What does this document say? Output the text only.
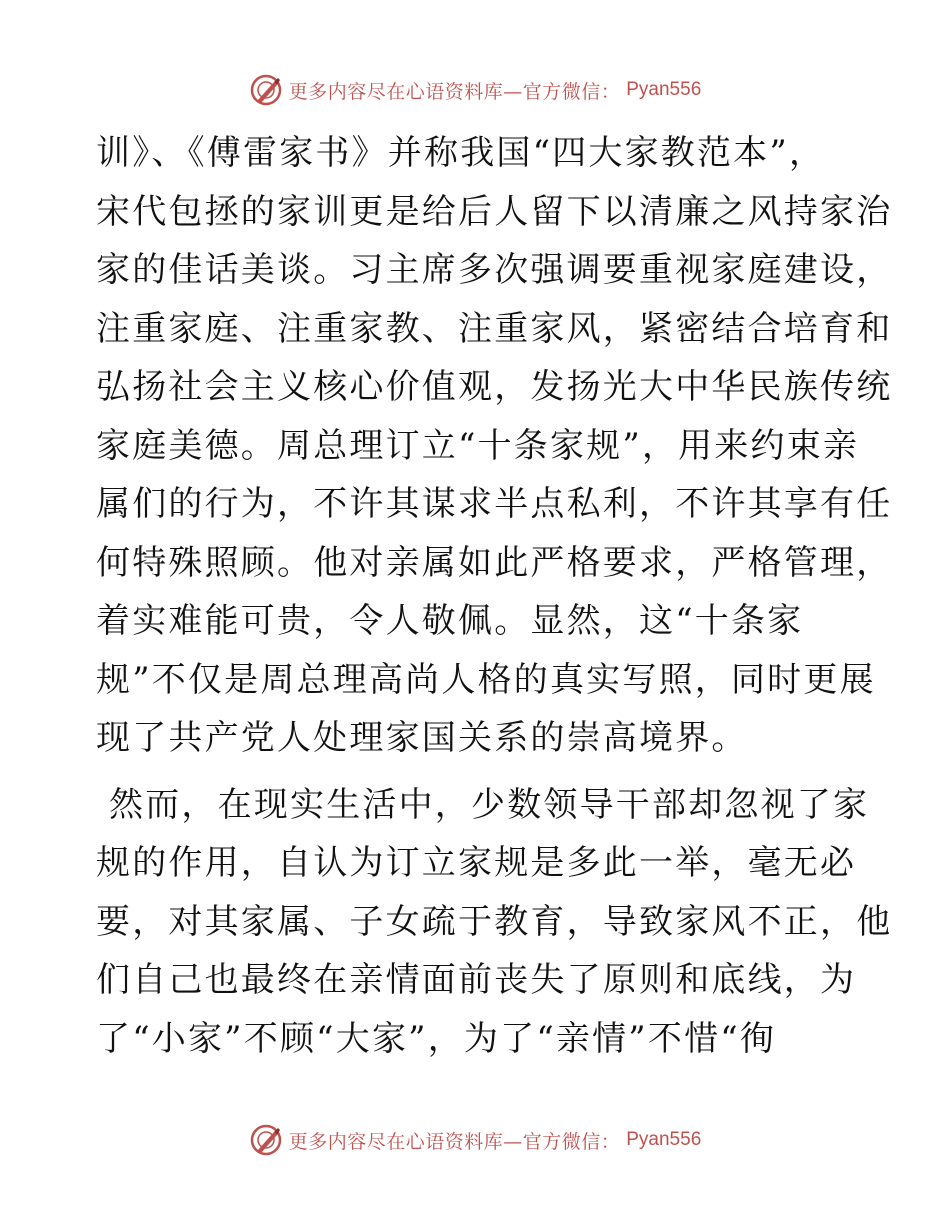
更多内容尽在心语资料库—官方微信： Pyan556
训》、《傅雷家书》并称我国“四大家教范本”，
宋代包拯的家训更是给后人留下以清廉之风持家治
家的佳话美谈。习主席多次强调要重视家庭建设，
注重家庭、注重家教、注重家风，紧密结合培育和
弘扬社会主义核心价值观，发扬光大中华民族传统
家庭美德。周总理订立“十条家规”，用来约束亲
属们的行为，不许其谋求半点私利，不许其享有任
何特殊照顾。他对亲属如此严格要求，严格管理，
着实难能可贵，令人敬佩。显然，这“十条家
规”不仅是周总理高尚人格的真实写照，同时更展
现了共产党人处理家国关系的崇高境界。
然而，在现实生活中，少数领导干部却忽视了家
规的作用，自认为订立家规是多此一举，毫无必
要，对其家属、子女疏于教育，导致家风不正，他
们自己也最终在亲情面前丧失了原则和底线，为
了“小家”不顾“大家”，为了“亲情”不惜“徇
更多内容尽在心语资料库—官方微信： Pyan556
